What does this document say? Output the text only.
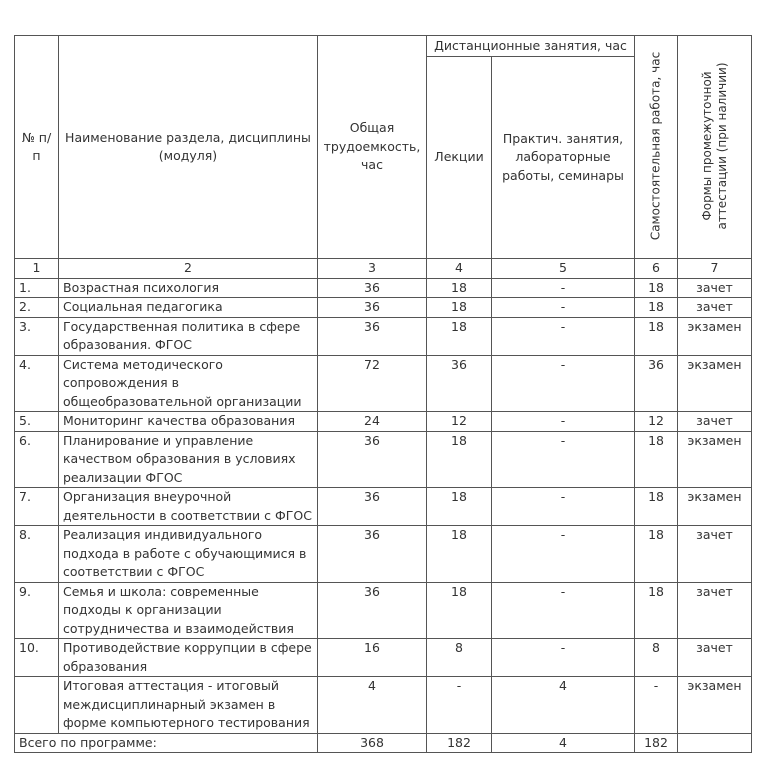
№ п/п	Наименование раздела, дисциплины (модуля)	Общая трудоемкость, час	Дистанционные занятия, час		Самостоятельная работа, час	Формы промежуточной
аттестации (при наличии)

			Лекции	Практич. занятия, лабораторные работы, семинары		
1	2	3	4	5	6	7
1.	Возрастная психология	36	18	-	18	зачет
2.	Социальная педагогика	36	18	-	18	зачет
3.	Государственная политика в сфере образования. ФГОС	36	18	-	18	экзамен
4.	Система методического сопровождения в общеобразовательной организации	72	36	-	36	экзамен
5.	Мониторинг качества образования	24	12	-	12	зачет
6.	Планирование и управление качеством образования в условиях реализации ФГОС	36	18	-	18	экзамен
7.	Организация внеурочной деятельности в соответствии с ФГОС	36	18	-	18	экзамен
8.	Реализация индивидуального подхода в работе с обучающимися в соответствии с ФГОС	36	18	-	18	зачет
9.	Семья и школа: современные подходы к организации сотрудничества и взаимодействия	36	18	-	18	зачет
10.	Противодействие коррупции в сфере образования	16	8	-	8	зачет
	Итоговая аттестация - итоговый междисциплинарный экзамен в форме компьютерного тестирования	4	-	4	-	экзамен
Всего по программе:		368	182	4	182	
